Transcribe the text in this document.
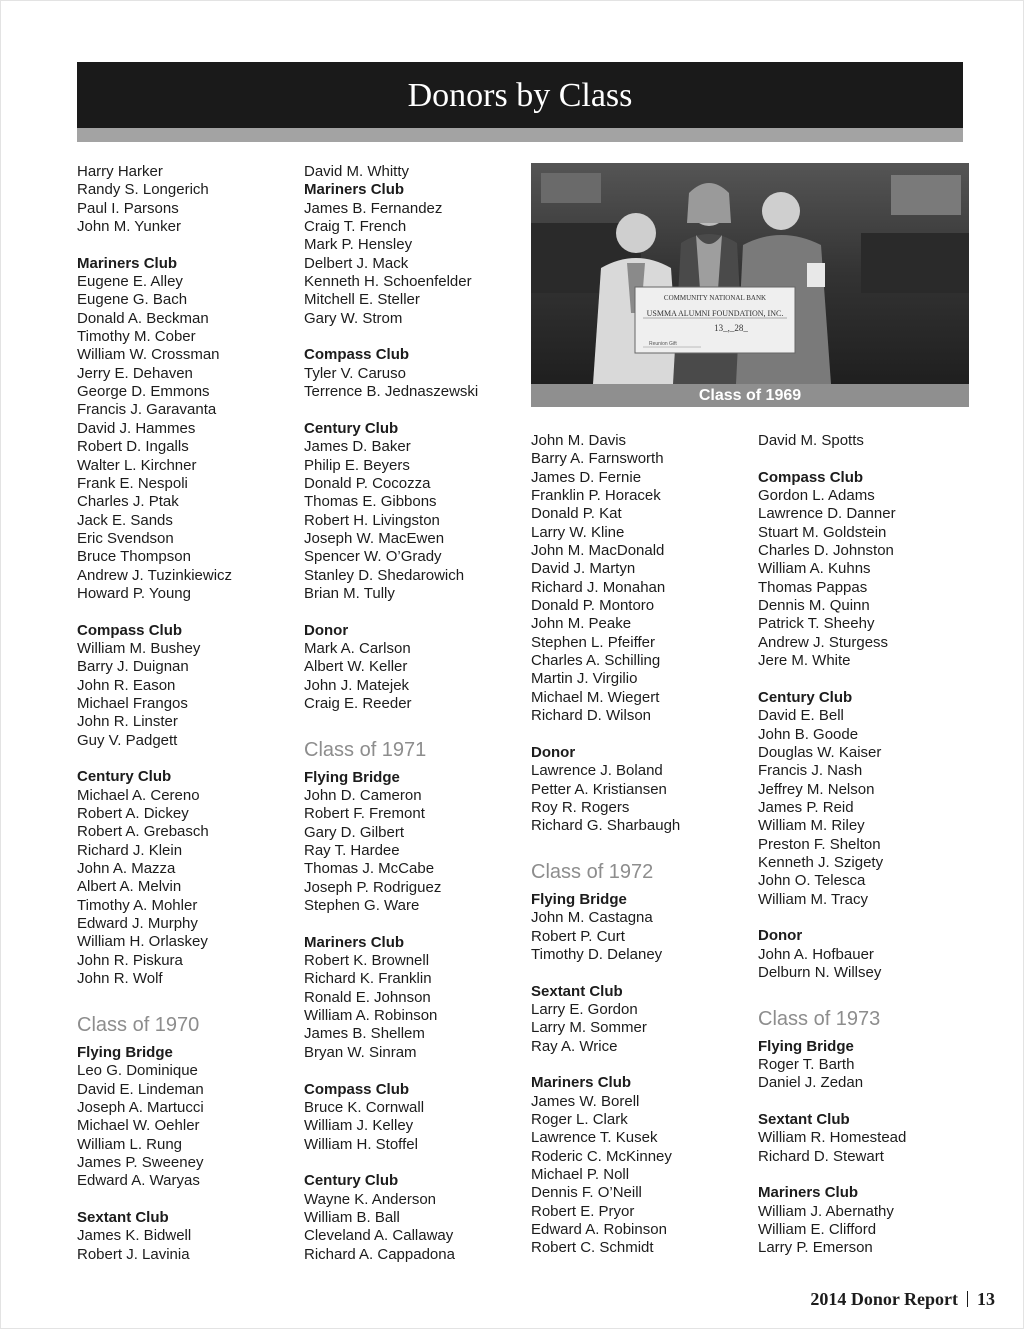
Donors by Class
Harry Harker
Randy S. Longerich
Paul I. Parsons
John M. Yunker
Mariners Club
Eugene E. Alley
Eugene G. Bach
Donald A. Beckman
Timothy M. Cober
William W. Crossman
Jerry E. Dehaven
George D. Emmons
Francis J. Garavanta
David J. Hammes
Robert D. Ingalls
Walter L. Kirchner
Frank E. Nespoli
Charles J. Ptak
Jack E. Sands
Eric Svendson
Bruce Thompson
Andrew J. Tuzinkiewicz
Howard P. Young
Compass Club
William M. Bushey
Barry J. Duignan
John R. Eason
Michael Frangos
John R. Linster
Guy V. Padgett
Century Club
Michael A. Cereno
Robert A. Dickey
Robert A. Grebasch
Richard J. Klein
John A. Mazza
Albert A. Melvin
Timothy A. Mohler
Edward J. Murphy
William H. Orlaskey
John R. Piskura
John R. Wolf
Class of 1970
Flying Bridge
Leo G. Dominique
David E. Lindeman
Joseph A. Martucci
Michael W. Oehler
William L. Rung
James P. Sweeney
Edward A. Waryas
Sextant Club
James K. Bidwell
Robert J. Lavinia
David M. Whitty
Mariners Club
James B. Fernandez
Craig T. French
Mark P. Hensley
Delbert J. Mack
Kenneth H. Schoenfelder
Mitchell E. Steller
Gary W. Strom
Compass Club
Tyler V. Caruso
Terrence B. Jednaszewski
Century Club
James D. Baker
Philip E. Beyers
Donald P. Cocozza
Thomas E. Gibbons
Robert H. Livingston
Joseph W. MacEwen
Spencer W. O’Grady
Stanley D. Shedarowich
Brian M. Tully
Donor
Mark A. Carlson
Albert W. Keller
John J. Matejek
Craig E. Reeder
Class of 1971
Flying Bridge
John D. Cameron
Robert F. Fremont
Gary D. Gilbert
Ray T. Hardee
Thomas J. McCabe
Joseph P. Rodriguez
Stephen G. Ware
Mariners Club
Robert K. Brownell
Richard K. Franklin
Ronald E. Johnson
William A. Robinson
James B. Shellem
Bryan W. Sinram
Compass Club
Bruce K. Cornwall
William J. Kelley
William H. Stoffel
Century Club
Wayne K. Anderson
William B. Ball
Cleveland A. Callaway
Richard A. Cappadona
COMMUNITY NATIONAL BANK
USMMA ALUMNI FOUNDATION, INC.
13_,_28_
Reunion Gift
Class of 1969
John M. Davis
Barry A. Farnsworth
James D. Fernie
Franklin P. Horacek
Donald P. Kat
Larry W. Kline
John M. MacDonald
David J. Martyn
Richard J. Monahan
Donald P. Montoro
John M. Peake
Stephen L. Pfeiffer
Charles A. Schilling
Martin J. Virgilio
Michael M. Wiegert
Richard D. Wilson
Donor
Lawrence J. Boland
Petter A. Kristiansen
Roy R. Rogers
Richard G. Sharbaugh
Class of 1972
Flying Bridge
John M. Castagna
Robert P. Curt
Timothy D. Delaney
Sextant Club
Larry E. Gordon
Larry M. Sommer
Ray A. Wrice
Mariners Club
James W. Borell
Roger L. Clark
Lawrence T. Kusek
Roderic C. McKinney
Michael P. Noll
Dennis F. O’Neill
Robert E. Pryor
Edward A. Robinson
Robert C. Schmidt
David M. Spotts
Compass Club
Gordon L. Adams
Lawrence D. Danner
Stuart M. Goldstein
Charles D. Johnston
William A. Kuhns
Thomas Pappas
Dennis M. Quinn
Patrick T. Sheehy
Andrew J. Sturgess
Jere M. White
Century Club
David E. Bell
John B. Goode
Douglas W. Kaiser
Francis J. Nash
Jeffrey M. Nelson
James P. Reid
William M. Riley
Preston F. Shelton
Kenneth J. Szigety
John O. Telesca
William M. Tracy
Donor
John A. Hofbauer
Delburn N. Willsey
Class of 1973
Flying Bridge
Roger T. Barth
Daniel J. Zedan
Sextant Club
William R. Homestead
Richard D. Stewart
Mariners Club
William J. Abernathy
William E. Clifford
Larry P. Emerson
2014 Donor Report 13
